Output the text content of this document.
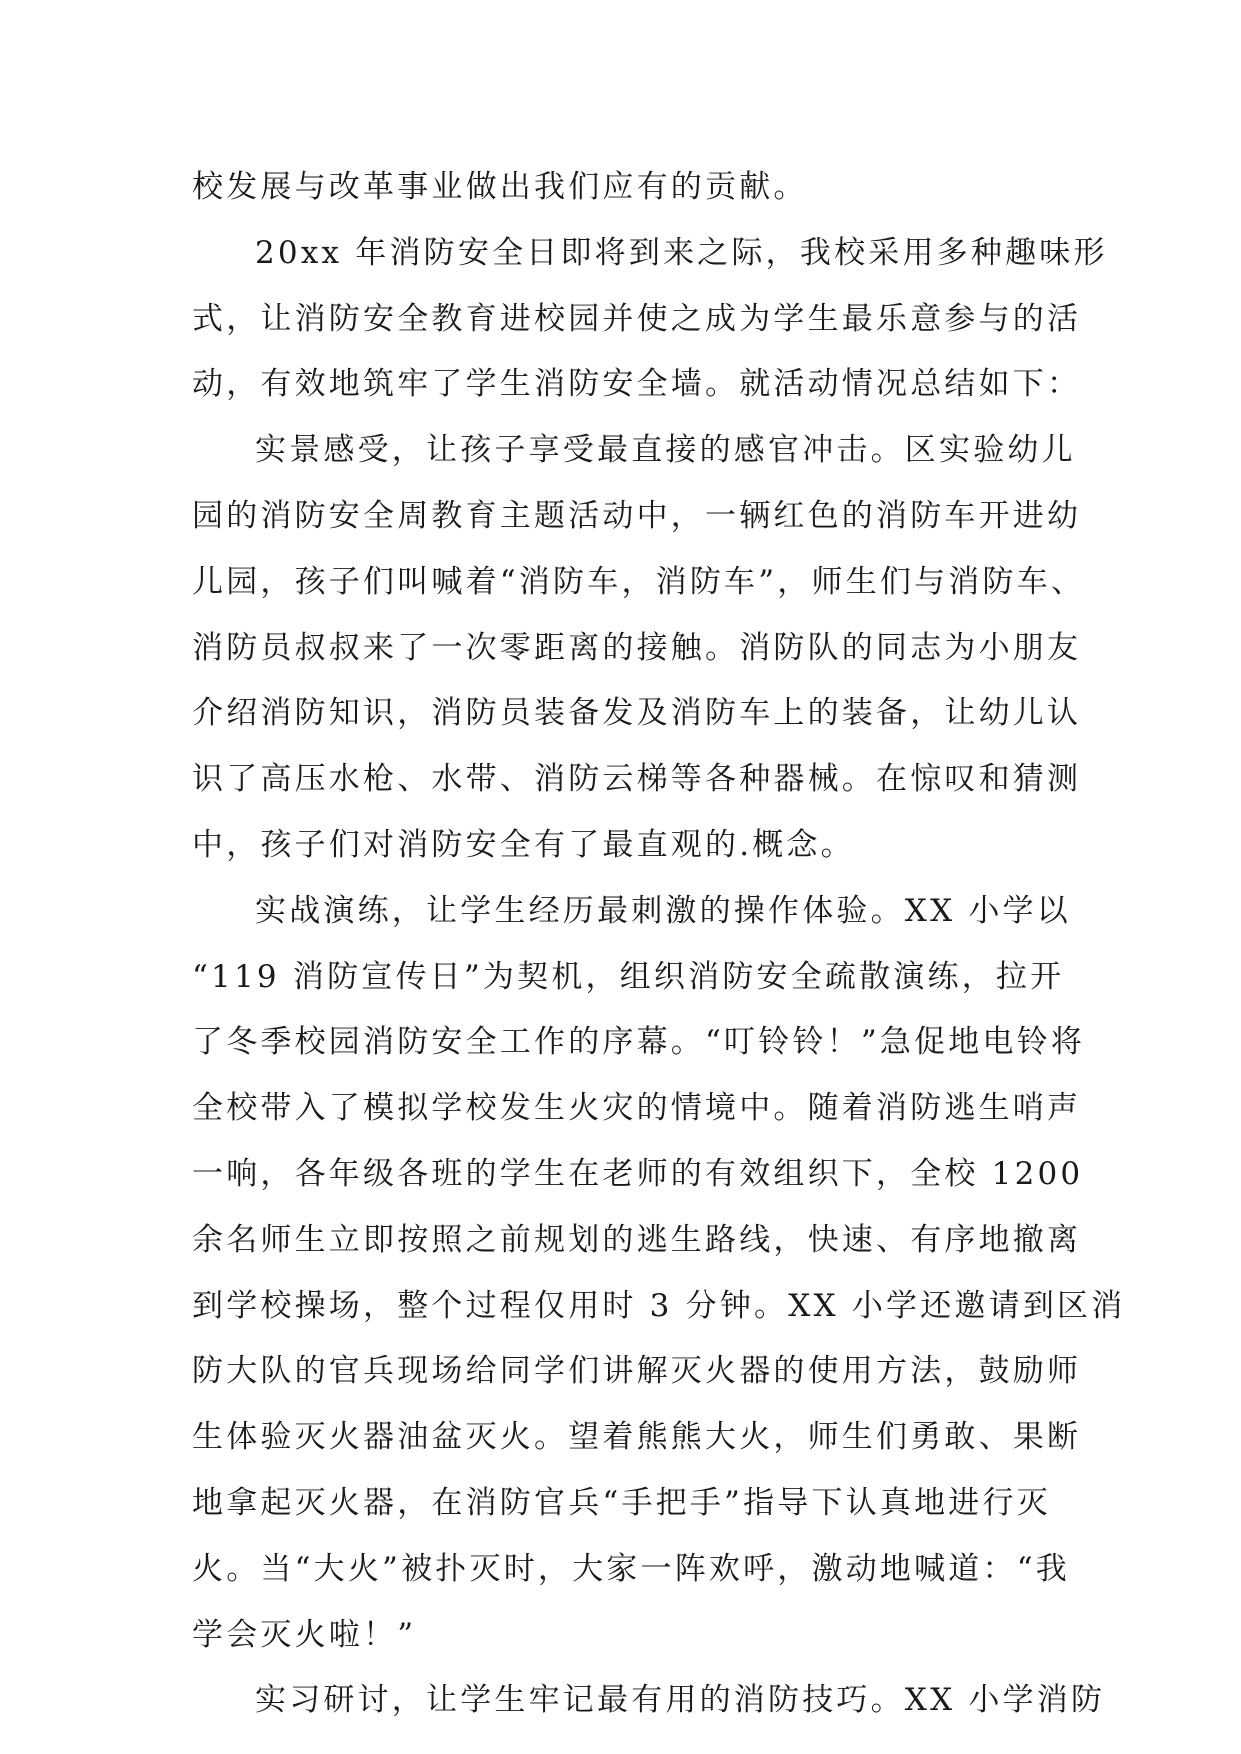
校发展与改革事业做出我们应有的贡献。
20xx 年消防安全日即将到来之际，我校采用多种趣味形
式，让消防安全教育进校园并使之成为学生最乐意参与的活
动，有效地筑牢了学生消防安全墙。就活动情况总结如下：
实景感受，让孩子享受最直接的感官冲击。区实验幼儿
园的消防安全周教育主题活动中，一辆红色的消防车开进幼
儿园，孩子们叫喊着“消防车，消防车”，师生们与消防车、
消防员叔叔来了一次零距离的接触。消防队的同志为小朋友
介绍消防知识，消防员装备发及消防车上的装备，让幼儿认
识了高压水枪、水带、消防云梯等各种器械。在惊叹和猜测
中，孩子们对消防安全有了最直观的.概念。
实战演练，让学生经历最刺激的操作体验。XX 小学以
“119 消防宣传日”为契机，组织消防安全疏散演练，拉开
了冬季校园消防安全工作的序幕。“叮铃铃！”急促地电铃将
全校带入了模拟学校发生火灾的情境中。随着消防逃生哨声
一响，各年级各班的学生在老师的有效组织下，全校 1200
余名师生立即按照之前规划的逃生路线，快速、有序地撤离
到学校操场，整个过程仅用时 3 分钟。XX 小学还邀请到区消
防大队的官兵现场给同学们讲解灭火器的使用方法，鼓励师
生体验灭火器油盆灭火。望着熊熊大火，师生们勇敢、果断
地拿起灭火器，在消防官兵“手把手”指导下认真地进行灭
火。当“大火”被扑灭时，大家一阵欢呼，激动地喊道：“我
学会灭火啦！”
实习研讨，让学生牢记最有用的消防技巧。XX 小学消防
